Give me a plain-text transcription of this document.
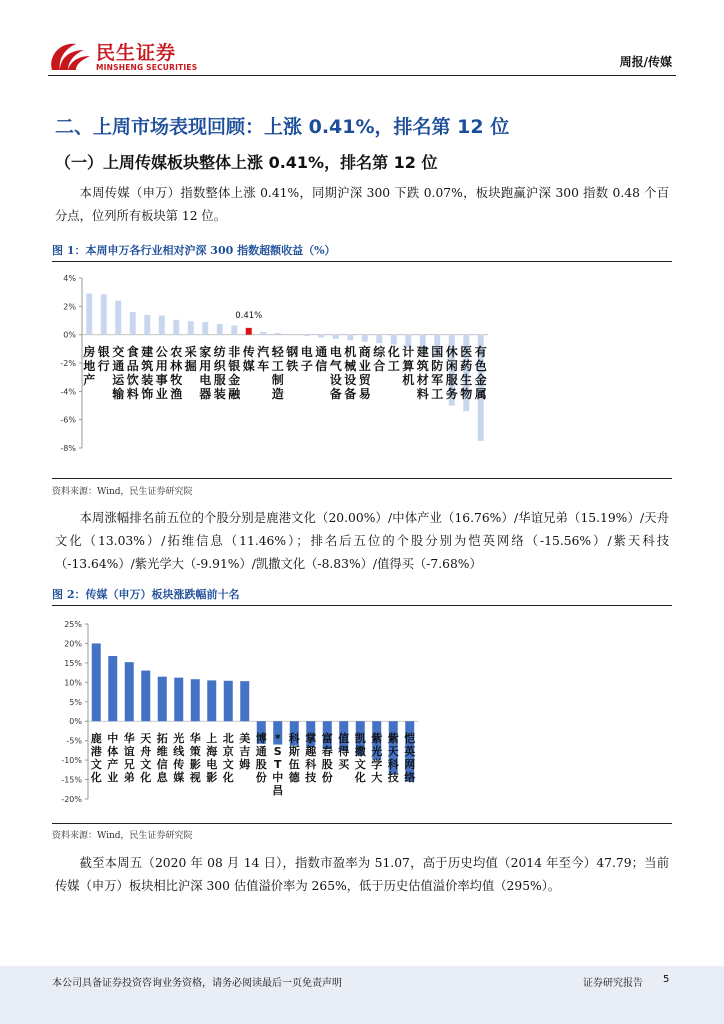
民生证券
MINSHENG SECURITIES	周报/传媒
二、上周市场表现回顾：上涨 0.41%，排名第 12 位
（一）上周传媒板块整体上涨 0.41%，排名第 12 位
本周传媒（申万）指数整体上涨 0.41%，同期沪深 300 下跌 0.07%，板块跑赢沪深 300 指数 0.48 个百分点，位列所有板块第 12 位。
图 1：本周申万各行业相对沪深 300 指数超额收益（%）
4%
2%
0%
-2%
-4%
-6%
-8%
0.41%
房
地
产
银
行
交
通
运
输
食
品
饮
料
建
筑
装
饰
公
用
事
业
农
林
牧
渔
采
掘
家
用
电
器
纺
织
服
装
非
银
金
融
传
媒
汽
车
轻
工
制
造
钢
铁
电
子
通
信
电
气
设
备
机
械
设
备
商
业
贸
易
综
合
化
工
计
算
机
建
筑
材
料
国
防
军
工
休
闲
服
务
医
药
生
物
有
色
金
属
资料来源：Wind，民生证券研究院
本周涨幅排名前五位的个股分别是鹿港文化（20.00%）/中体产业（16.76%）/华谊兄弟（15.19%）/天舟文化（13.03%）/拓维信息（11.46%）；排名后五位的个股分别为恺英网络（-15.56%）/紫天科技（-13.64%）/紫光学大（-9.91%）/凯撒文化（-8.83%）/值得买（-7.68%）
图 2：传媒（申万）板块涨跌幅前十名
25%
20%
15%
10%
5%
0%
-5%
-10%
-15%
-20%
鹿
港
文
化
中
体
产
业
华
谊
兄
弟
天
舟
文
化
拓
维
信
息
光
线
传
媒
华
策
影
视
上
海
电
影
北
京
文
化
美
吉
姆
博
通
股
份
*
S
T
中
昌
科
斯
伍
德
掌
趣
科
技
富
春
股
份
值
得
买
凯
撒
文
化
紫
光
学
大
紫
天
科
技
恺
英
网
络
资料来源：Wind，民生证券研究院
截至本周五（2020 年 08 月 14 日），指数市盈率为 51.07，高于历史均值（2014 年至今）47.79；当前传媒（申万）板块相比沪深 300 估值溢价率为 265%，低于历史估值溢价率均值（295%）。
本公司具备证券投资咨询业务资格，请务必阅读最后一页免责声明	证券研究报告 5
